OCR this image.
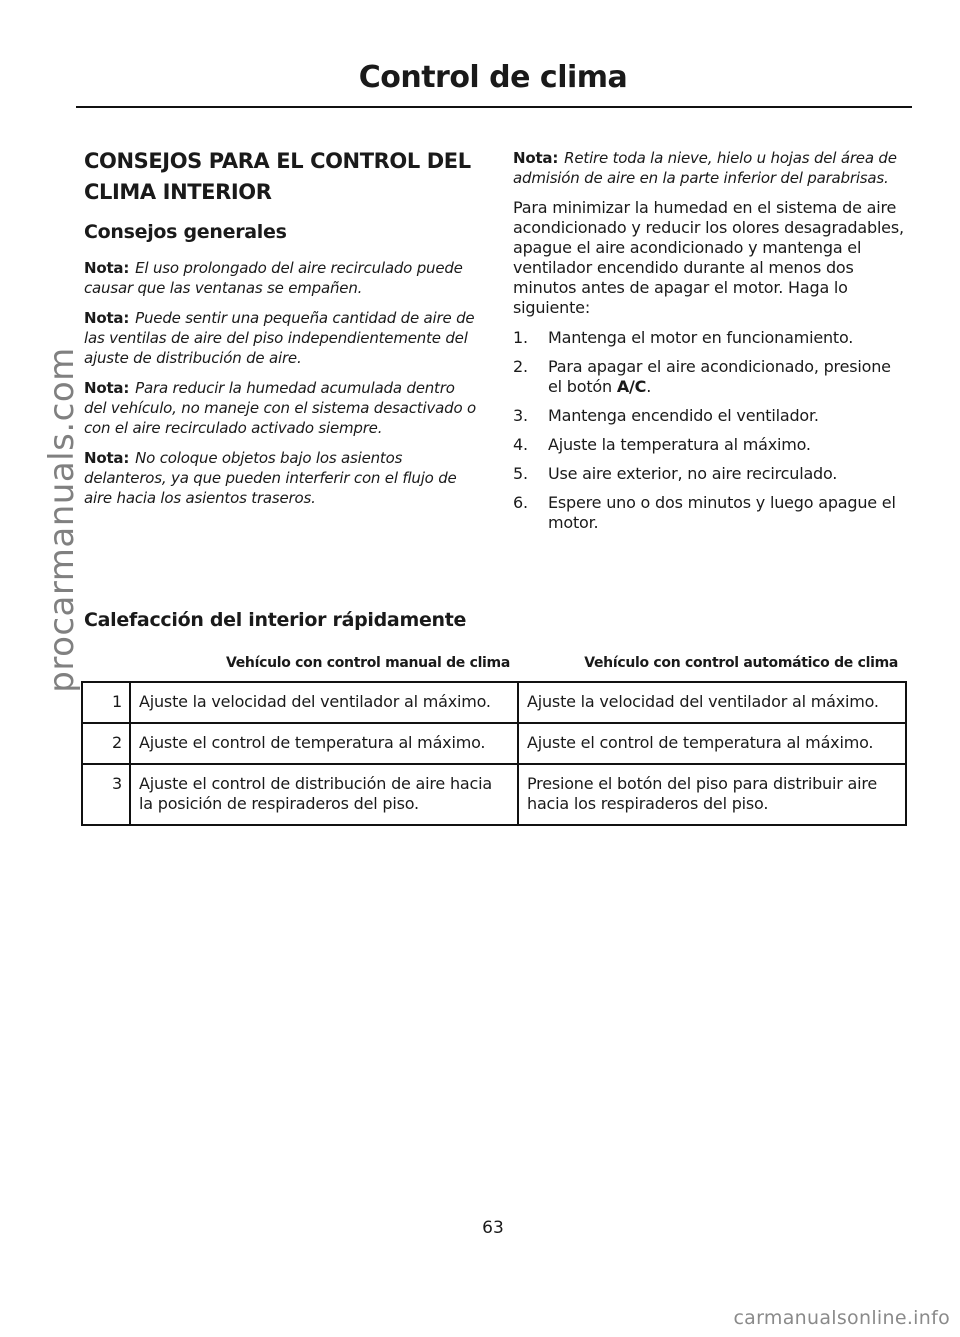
Control de clima
CONSEJOS PARA EL CONTROL DEL CLIMA INTERIOR
Consejos generales

Nota: El uso prolongado del aire recirculado puede causar que las ventanas se empañen.

Nota: Puede sentir una pequeña cantidad de aire de las ventilas de aire del piso independientemente del ajuste de distribución de aire.

Nota: Para reducir la humedad acumulada dentro del vehículo, no maneje con el sistema desactivado o con el aire recirculado activado siempre.

Nota: No coloque objetos bajo los asientos delanteros, ya que pueden interferir con el flujo de aire hacia los asientos traseros.

Nota: Retire toda la nieve, hielo u hojas del área de admisión de aire en la parte inferior del parabrisas.

Para minimizar la humedad en el sistema de aire acondicionado y reducir los olores desagradables, apague el aire acondicionado y mantenga el ventilador encendido durante al menos dos minutos antes de apagar el motor. Haga lo siguiente:

1. Mantenga el motor en funcionamiento.
2. Para apagar el aire acondicionado, presione el botón A/C.
3. Mantenga encendido el ventilador.
4. Ajuste la temperatura al máximo.
5. Use aire exterior, no aire recirculado.
6. Espere uno o dos minutos y luego apague el motor.
Calefacción del interior rápidamente
	Vehículo con control manual de clima	Vehículo con control automático de clima
1	Ajuste la velocidad del ventilador al máximo.	Ajuste la velocidad del ventilador al máximo.
2	Ajuste el control de temperatura al máximo.	Ajuste el control de temperatura al máximo.
3	Ajuste el control de distribución de aire hacia la posición de respiraderos del piso.	Presione el botón del piso para distribuir aire hacia los respiraderos del piso.
63
procarmanuals.com
carmanualsonline.info
